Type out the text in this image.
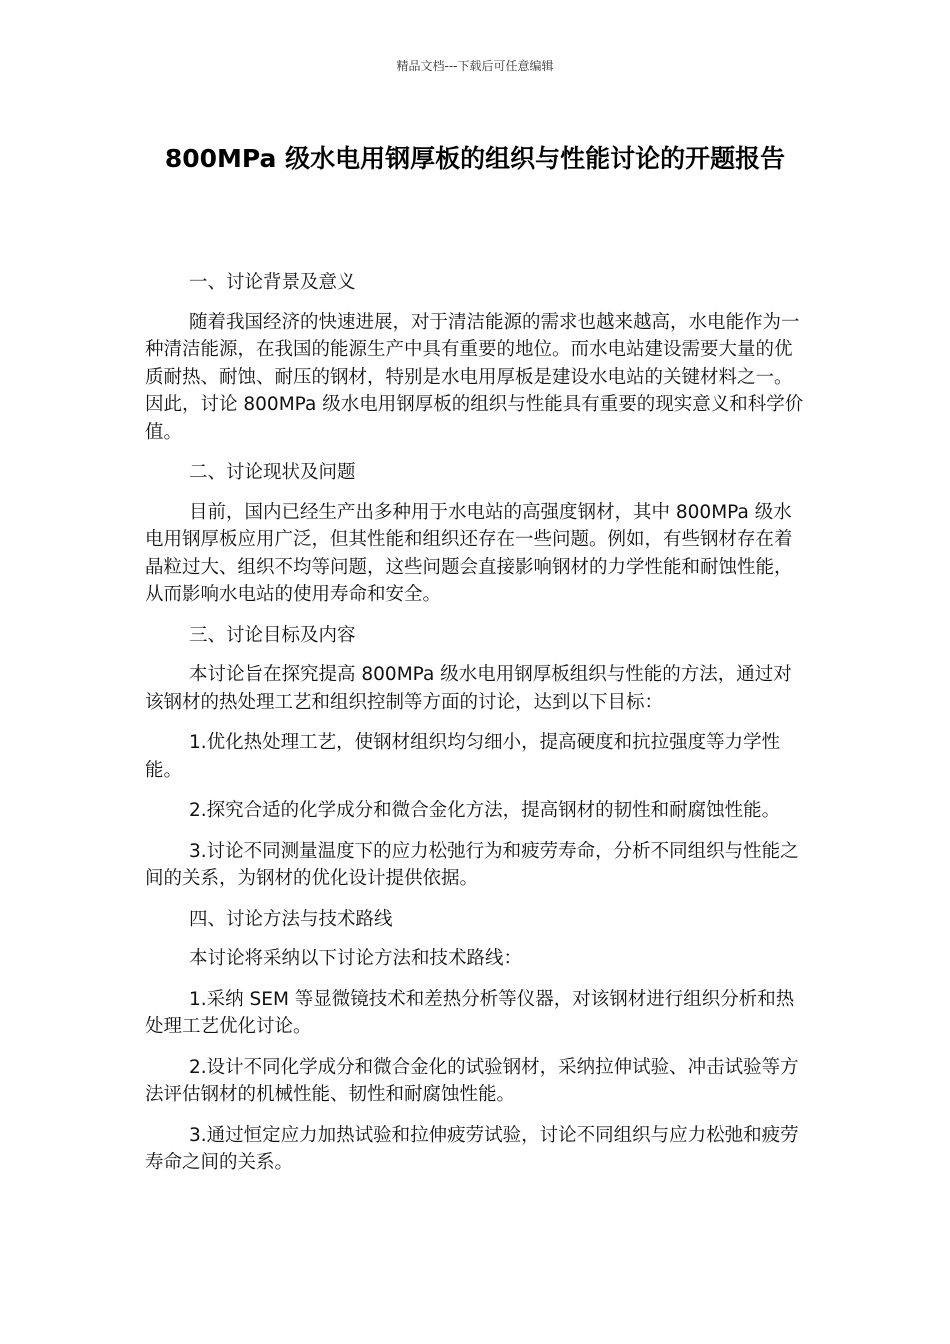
精品文档---下载后可任意编辑
800MPa 级水电用钢厚板的组织与性能讨论的开题报告

一、讨论背景及意义

随着我国经济的快速进展，对于清洁能源的需求也越来越高，水电能作为一种清洁能源，在我国的能源生产中具有重要的地位。而水电站建设需要大量的优质耐热、耐蚀、耐压的钢材，特别是水电用厚板是建设水电站的关键材料之一。因此，讨论 800MPa 级水电用钢厚板的组织与性能具有重要的现实意义和科学价值。

二、讨论现状及问题

目前，国内已经生产出多种用于水电站的高强度钢材，其中 800MPa 级水电用钢厚板应用广泛，但其性能和组织还存在一些问题。例如，有些钢材存在着晶粒过大、组织不均等问题，这些问题会直接影响钢材的力学性能和耐蚀性能，从而影响水电站的使用寿命和安全。

三、讨论目标及内容

本讨论旨在探究提高 800MPa 级水电用钢厚板组织与性能的方法，通过对该钢材的热处理工艺和组织控制等方面的讨论，达到以下目标：

1.优化热处理工艺，使钢材组织均匀细小，提高硬度和抗拉强度等力学性能。

2.探究合适的化学成分和微合金化方法，提高钢材的韧性和耐腐蚀性能。

3.讨论不同测量温度下的应力松弛行为和疲劳寿命，分析不同组织与性能之间的关系，为钢材的优化设计提供依据。

四、讨论方法与技术路线

本讨论将采纳以下讨论方法和技术路线：

1.采纳 SEM 等显微镜技术和差热分析等仪器，对该钢材进行组织分析和热处理工艺优化讨论。

2.设计不同化学成分和微合金化的试验钢材，采纳拉伸试验、冲击试验等方法评估钢材的机械性能、韧性和耐腐蚀性能。

3.通过恒定应力加热试验和拉伸疲劳试验，讨论不同组织与应力松弛和疲劳寿命之间的关系。
